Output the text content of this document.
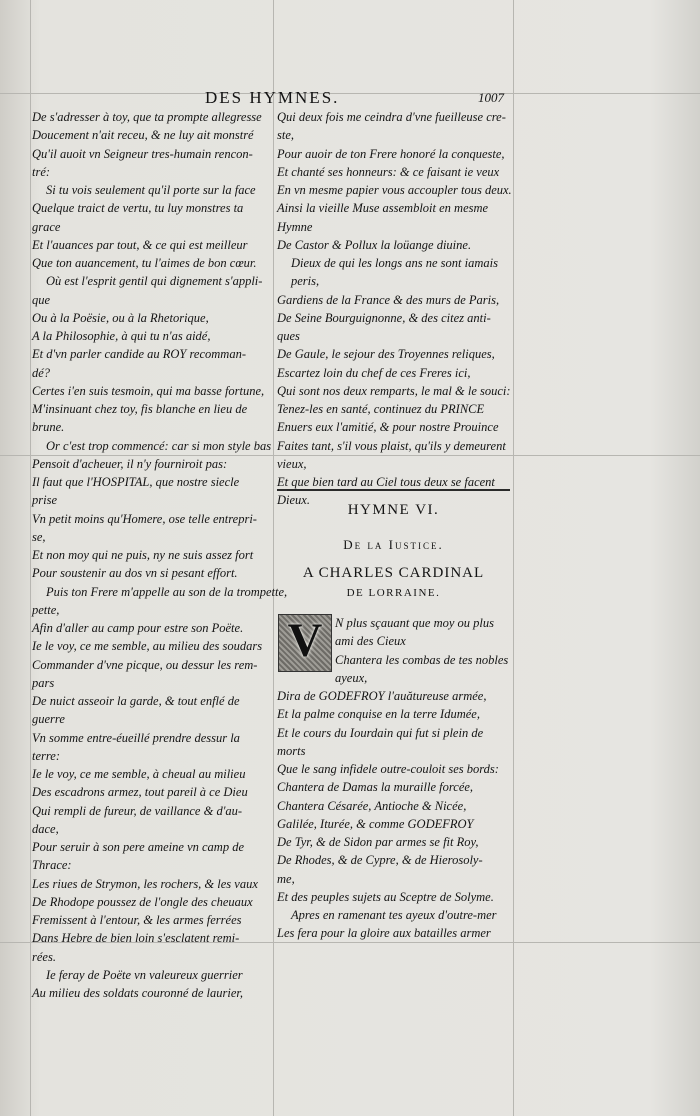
DES HYMNES.	1007
De s'adresser à toy, que ta prompte allegresse
Doucement n'ait receu, & ne luy ait monstré
Qu'il auoit vn Seigneur tres-humain rencon-
tré:
Si tu vois seulement qu'il porte sur la face
Quelque traict de vertu, tu luy monstres ta
grace
Et l'auances par tout, & ce qui est meilleur
Que ton auancement, tu l'aimes de bon cœur.
Où est l'esprit gentil qui dignement s'appli-
que
Ou à la Poësie, ou à la Rhetorique,
A la Philosophie, à qui tu n'as aidé,
Et d'vn parler candide au ROY recomman-
dé?
Certes i'en suis tesmoin, qui ma basse fortune,
M'insinuant chez toy, fis blanche en lieu de
brune.
Or c'est trop commencé: car si mon style bas
Pensoit d'acheuer, il n'y fourniroit pas:
Il faut que l'HOSPITAL, que nostre siecle
prise
Vn petit moins qu'Homere, ose telle entrepri-
se,
Et non moy qui ne puis, ny ne suis assez fort
Pour soustenir au dos vn si pesant effort.
Puis ton Frere m'appelle au son de la trompette,
pette,
Afin d'aller au camp pour estre son Poëte.
Ie le voy, ce me semble, au milieu des soudars
Commander d'vne picque, ou dessur les rem-
pars
De nuict asseoir la garde, & tout enflé de
guerre
Vn somme entre-éueillé prendre dessur la
terre:
Ie le voy, ce me semble, à cheual au milieu
Des escadrons armez, tout pareil à ce Dieu
Qui rempli de fureur, de vaillance & d'au-
dace,
Pour seruir à son pere ameine vn camp de
Thrace:
Les riues de Strymon, les rochers, & les vaux
De Rhodope poussez de l'ongle des cheuaux
Fremissent à l'entour, & les armes ferrées
Dans Hebre de bien loin s'esclatent remi-
rées.
Ie feray de Poëte vn valeureux guerrier
Au milieu des soldats couronné de laurier,
Qui deux fois me ceindra d'vne fueilleuse cre-
ste,
Pour auoir de ton Frere honoré la conqueste,
Et chanté ses honneurs: & ce faisant ie veux
En vn mesme papier vous accoupler tous deux.
Ainsi la vieille Muse assembloit en mesme
Hymne
De Castor & Pollux la loüange diuine.
Dieux de qui les longs ans ne sont iamais
peris,
Gardiens de la France & des murs de Paris,
De Seine Bourguignonne, & des citez anti-
ques
De Gaule, le sejour des Troyennes reliques,
Escartez loin du chef de ces Freres ici,
Qui sont nos deux remparts, le mal & le souci:
Tenez-les en santé, continuez du PRINCE
Enuers eux l'amitié, & pour nostre Prouince
Faites tant, s'il vous plaist, qu'ils y demeurent
vieux,
Et que bien tard au Ciel tous deux se facent
Dieux.
HYMNE VI.
De la Iustice.
A CHARLES CARDINAL
DE LORRAINE.
V	N plus sçauant que moy ou plus
ami des Cieux
Chantera les combas de tes nobles
ayeux,
Dira de GODEFROY l'auătureuse armée,
Et la palme conquise en la terre Idumée,
Et le cours du Iourdain qui fut si plein de
morts
Que le sang infidele outre-couloit ses bords:
Chantera de Damas la muraille forcée,
Chantera Césarée, Antioche & Nicée,
Galilée, Iturée, & comme GODEFROY
De Tyr, & de Sidon par armes se fit Roy,
De Rhodes, & de Cypre, & de Hierosoly-
me,
Et des peuples sujets au Sceptre de Solyme.
Apres en ramenant tes ayeux d'outre-mer
Les fera pour la gloire aux batailles armer
